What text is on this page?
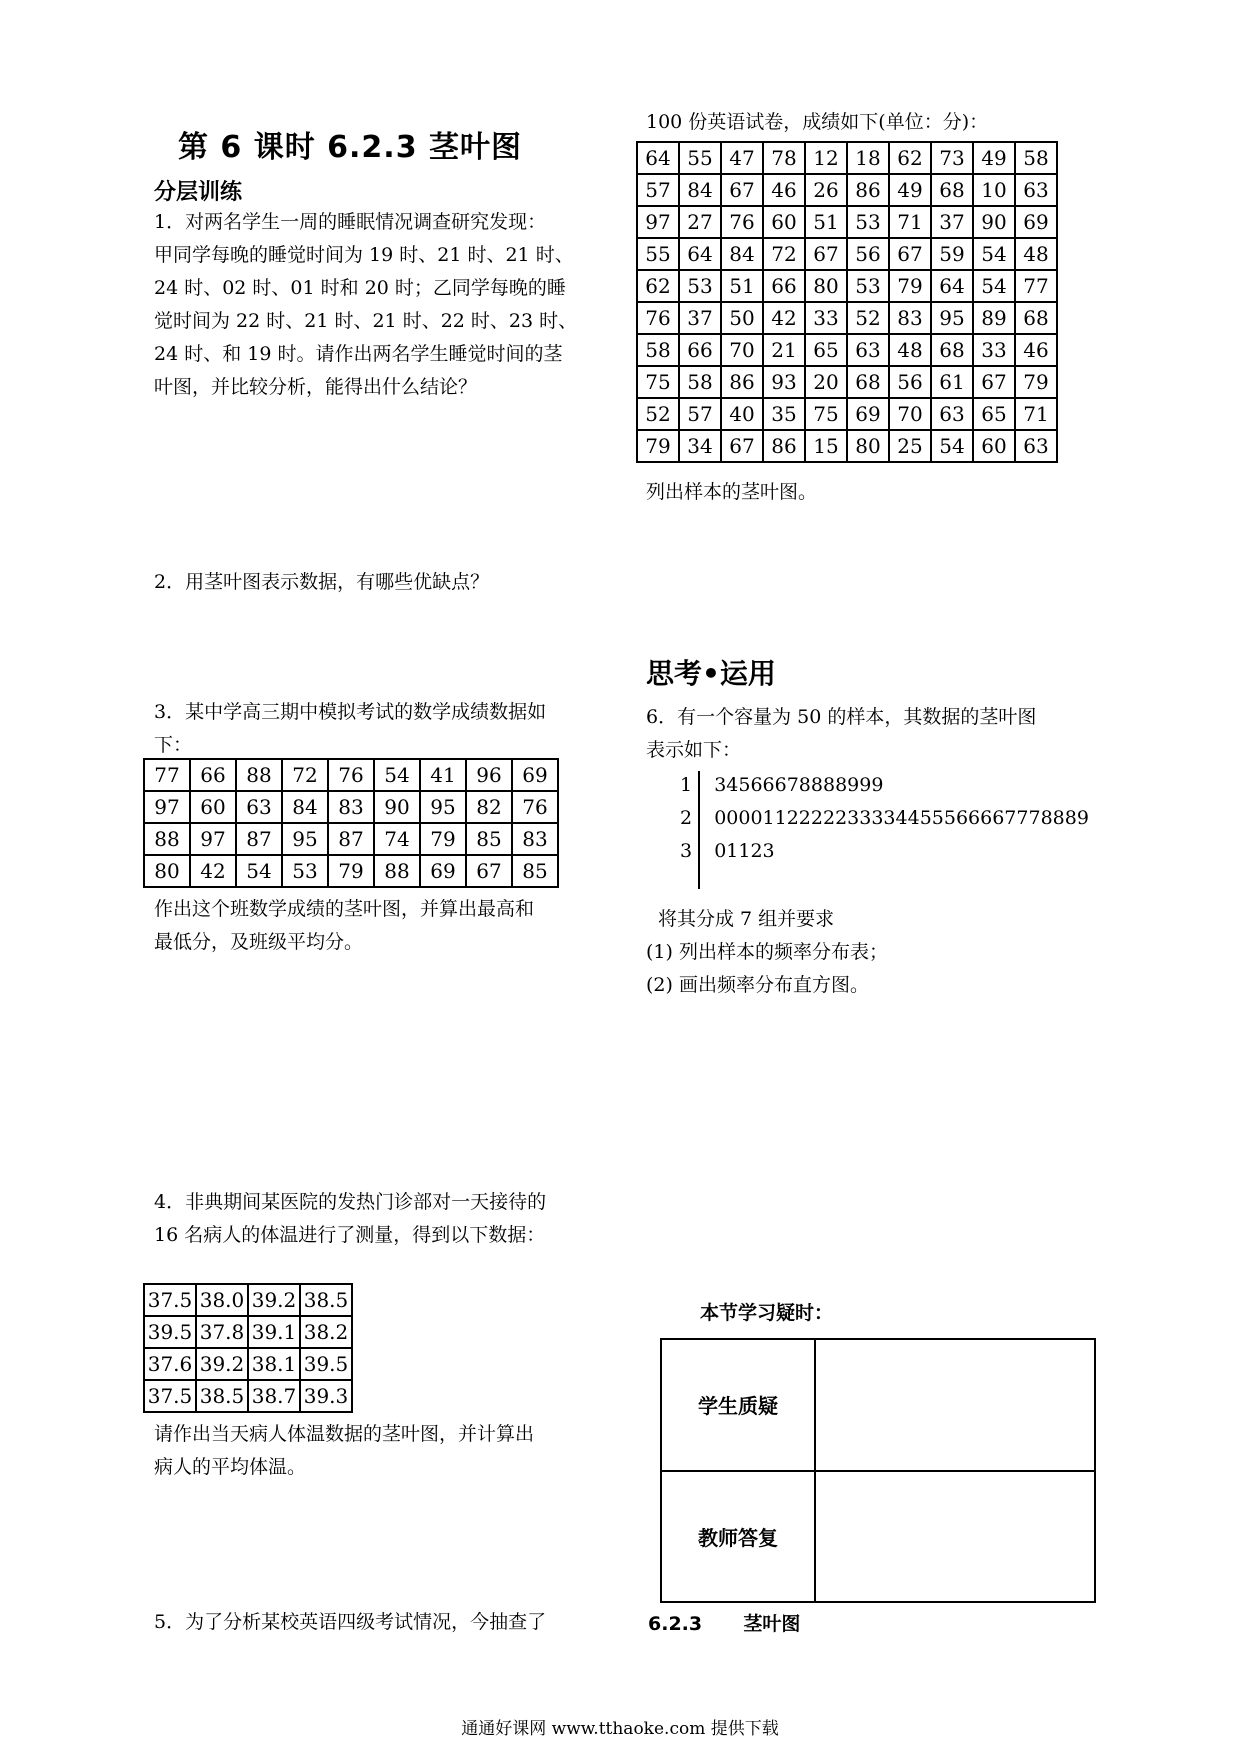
第 6 课时 6.2.3 茎叶图
分层训练
1．对两名学生一周的睡眠情况调查研究发现：
甲同学每晚的睡觉时间为 19 时、21 时、21 时、
24 时、02 时、01 时和 20 时；乙同学每晚的睡
觉时间为 22 时、21 时、21 时、22 时、23 时、
24 时、和 19 时。请作出两名学生睡觉时间的茎
叶图，并比较分析，能得出什么结论？
2．用茎叶图表示数据，有哪些优缺点？
3．某中学高三期中模拟考试的数学成绩数据如
下：
77	66	88	72	76	54	41	96	69
97	60	63	84	83	90	95	82	76
88	97	87	95	87	74	79	85	83
80	42	54	53	79	88	69	67	85
作出这个班数学成绩的茎叶图，并算出最高和
最低分，及班级平均分。
4．非典期间某医院的发热门诊部对一天接待的
16 名病人的体温进行了测量，得到以下数据：
37.5	38.0	39.2	38.5
39.5	37.8	39.1	38.2
37.6	39.2	38.1	39.5
37.5	38.5	38.7	39.3
请作出当天病人体温数据的茎叶图，并计算出
病人的平均体温。
5．为了分析某校英语四级考试情况，今抽查了
100 份英语试卷，成绩如下(单位：分)：
64	55	47	78	12	18	62	73	49	58
57	84	67	46	26	86	49	68	10	63
97	27	76	60	51	53	71	37	90	69
55	64	84	72	67	56	67	59	54	48
62	53	51	66	80	53	79	64	54	77
76	37	50	42	33	52	83	95	89	68
58	66	70	21	65	63	48	68	33	46
75	58	86	93	20	68	56	61	67	79
52	57	40	35	75	69	70	63	65	71
79	34	67	86	15	80	25	54	60	63
列出样本的茎叶图。
思考•运用
6．有一个容量为 50 的样本，其数据的茎叶图
表示如下：
1 34566678888999
2 0000112222233334455566667778889
3 01123
将其分成 7 组并要求
(1) 列出样本的频率分布表；
(2) 画出频率分布直方图。
本节学习疑时：
学生质疑	
教师答复	
6.2.3 茎叶图
通通好课网 www.tthaoke.com 提供下载
